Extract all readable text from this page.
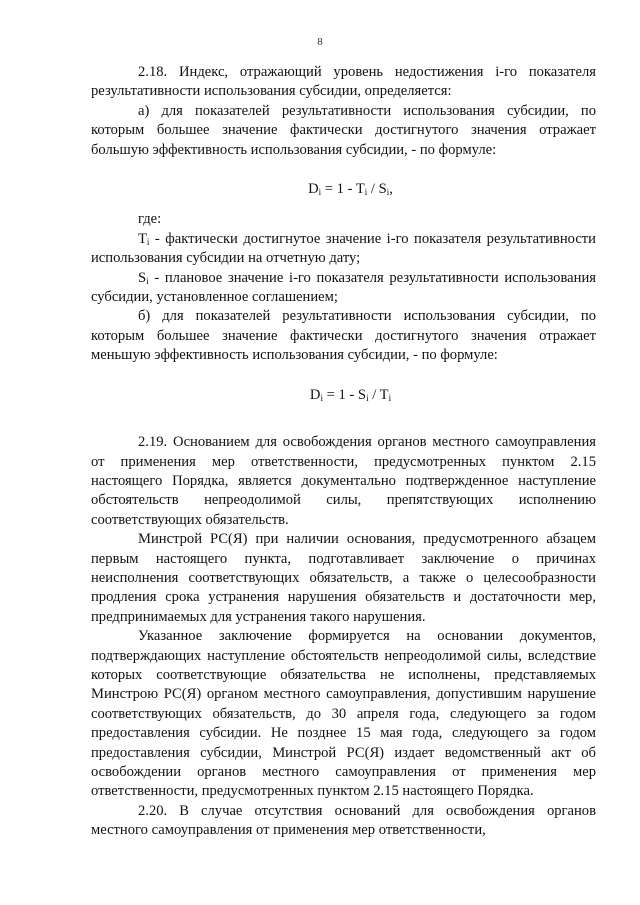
8

2.18. Индекс, отражающий уровень недостижения i-го показателя результативности использования субсидии, определяется:

а) для показателей результативности использования субсидии, по которым большее значение фактически достигнутого значения отражает большую эффективность использования субсидии, - по формуле:

$D_i = 1 - T_i / S_i$,

где:

$T_i$ - фактически достигнутое значение i-го показателя результативности использования субсидии на отчетную дату;

$S_i$ - плановое значение i-го показателя результативности использования субсидии, установленное соглашением;

б) для показателей результативности использования субсидии, по которым большее значение фактически достигнутого значения отражает меньшую эффективность использования субсидии, - по формуле:

$D_i = 1 - S_i / T_i$

2.19. Основанием для освобождения органов местного самоуправления от применения мер ответственности, предусмотренных пунктом 2.15 настоящего Порядка, является документально подтвержденное наступление обстоятельств непреодолимой силы, препятствующих исполнению соответствующих обязательств.

Минстрой РС(Я) при наличии основания, предусмотренного абзацем первым настоящего пункта, подготавливает заключение о причинах неисполнения соответствующих обязательств, а также о целесообразности продления срока устранения нарушения обязательств и достаточности мер, предпринимаемых для устранения такого нарушения.

Указанное заключение формируется на основании документов, подтверждающих наступление обстоятельств непреодолимой силы, вследствие которых соответствующие обязательства не исполнены, представляемых Минстрою РС(Я) органом местного самоуправления, допустившим нарушение соответствующих обязательств, до 30 апреля года, следующего за годом предоставления субсидии. Не позднее 15 мая года, следующего за годом предоставления субсидии, Минстрой РС(Я) издает ведомственный акт об освобождении органов местного самоуправления от применения мер ответственности, предусмотренных пунктом 2.15 настоящего Порядка.

2.20. В случае отсутствия оснований для освобождения органов местного самоуправления от применения мер ответственности,
